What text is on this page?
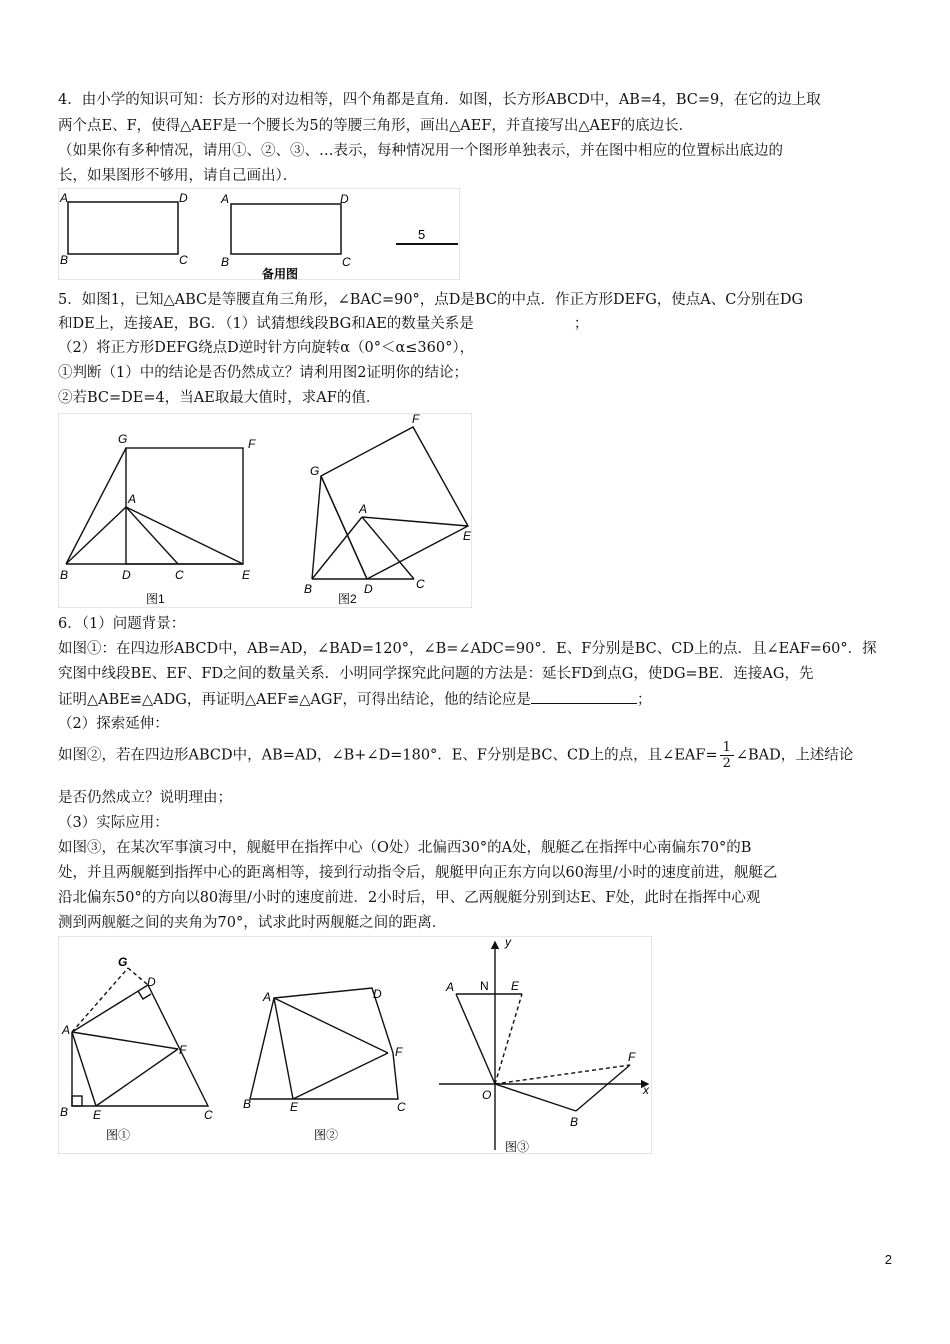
4．由小学的知识可知：长方形的对边相等，四个角都是直角．如图，长方形ABCD中，AB=4，BC=9，在它的边上取
两个点E、F，使得△AEF是一个腰长为5的等腰三角形，画出△AEF，并直接写出△AEF的底边长．
（如果你有多种情况，请用①、②、③、…表示，每种情况用一个图形单独表示，并在图中相应的位置标出底边的
长，如果图形不够用，请自己画出）．
A
B	C
D	A
B	C
D
备用图
5
5．如图1，已知△ABC是等腰直角三角形，∠BAC=90°，点D是BC的中点．作正方形DEFG，使点A、C分别在DG
和DE上，连接AE，BG．（1）试猜想线段BG和AE的数量关系是	；
（2）将正方形DEFG绕点D逆时针方向旋转α（0°＜α≤360°），
①判断（1）中的结论是否仍然成立？请利用图2证明你的结论；
②若BC=DE=4，当AE取最大值时，求AF的值．
G	F
A
B	D	C	E
图1
G
F
A
E
B	D	C
图2
6．（1）问题背景：
如图①：在四边形ABCD中，AB=AD，∠BAD=120°，∠B=∠ADC=90°．E、F分别是BC、CD上的点．且∠EAF=60°．探
究图中线段BE、EF、FD之间的数量关系．小明同学探究此问题的方法是：延长FD到点G，使DG=BE．连接AG，先
证明△ABE≌△ADG，再证明△AEF≌△AGF，可得出结论，他的结论应是	；
（2）探索延伸：
如图②，若在四边形ABCD中，AB=AD，∠B+∠D=180°．E、F分别是BC、CD上的点，且∠EAF= $\frac{1}{2}$ ∠BAD，上述结论
是否仍然成立？说明理由；
（3）实际应用：
如图③，在某次军事演习中，舰艇甲在指挥中心（O处）北偏西30°的A处，舰艇乙在指挥中心南偏东70°的B
处，并且两舰艇到指挥中心的距离相等，接到行动指令后，舰艇甲向正东方向以60海里/小时的速度前进，舰艇乙
沿北偏东50°的方向以80海里/小时的速度前进．2小时后，甲、乙两舰艇分别到达E、F处，此时在指挥中心观
测到两舰艇之间的夹角为70°，试求此时两舰艇之间的距离．
G
D
A
F
B E	C
图①
A	D
F
B	E	C
图②
y
A N E
F
O	x
B
图③
2
